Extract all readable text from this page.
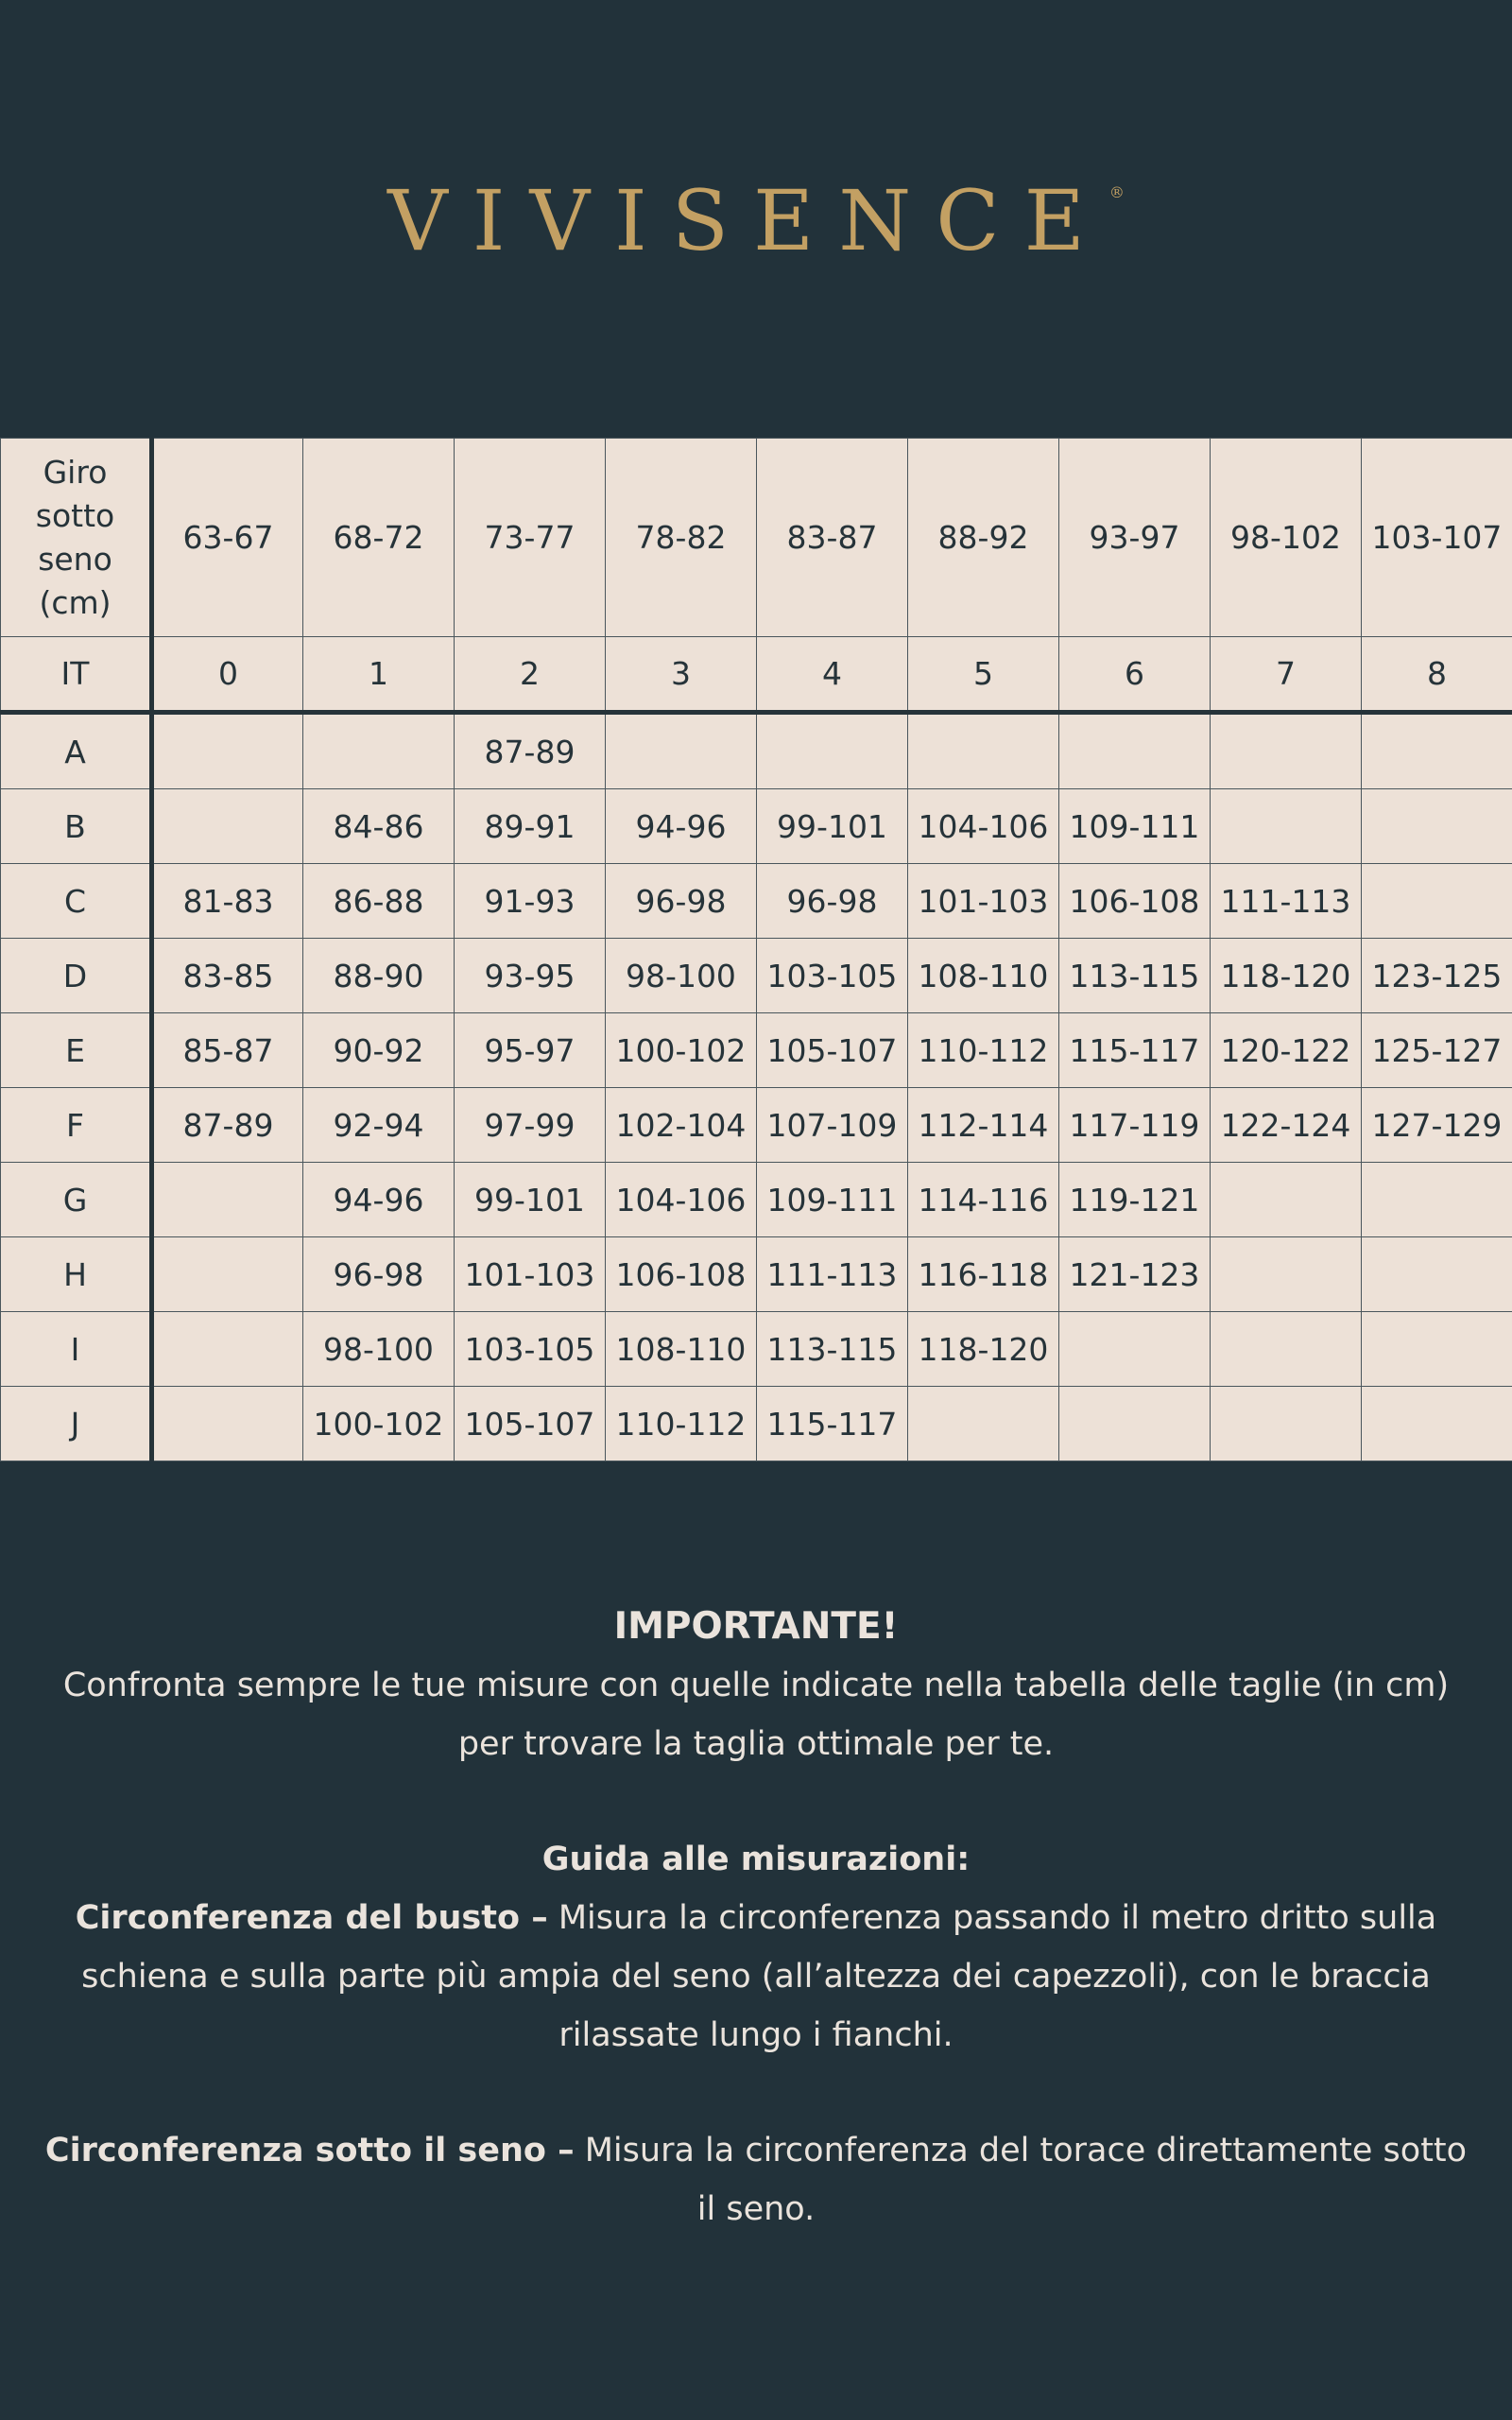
VIVISENCE®
Giro sotto seno (cm)	63-67	68-72	73-77	78-82	83-87	88-92	93-97	98-102	103-107
IT	0	1	2	3	4	5	6	7	8
A			87-89						
B		84-86	89-91	94-96	99-101	104-106	109-111		
C	81-83	86-88	91-93	96-98	96-98	101-103	106-108	111-113	
D	83-85	88-90	93-95	98-100	103-105	108-110	113-115	118-120	123-125
E	85-87	90-92	95-97	100-102	105-107	110-112	115-117	120-122	125-127
F	87-89	92-94	97-99	102-104	107-109	112-114	117-119	122-124	127-129
G		94-96	99-101	104-106	109-111	114-116	119-121		
H		96-98	101-103	106-108	111-113	116-118	121-123		
I		98-100	103-105	108-110	113-115	118-120			
J		100-102	105-107	110-112	115-117				

IMPORTANTE!

Confronta sempre le tue misure con quelle indicate nella tabella delle taglie (in cm) per trovare la taglia ottimale per te.

Guida alle misurazioni:

Circonferenza del busto – Misura la circonferenza passando il metro dritto sulla schiena e sulla parte più ampia del seno (all’altezza dei capezzoli), con le braccia rilassate lungo i fianchi.

Circonferenza sotto il seno – Misura la circonferenza del torace direttamente sotto il seno.
